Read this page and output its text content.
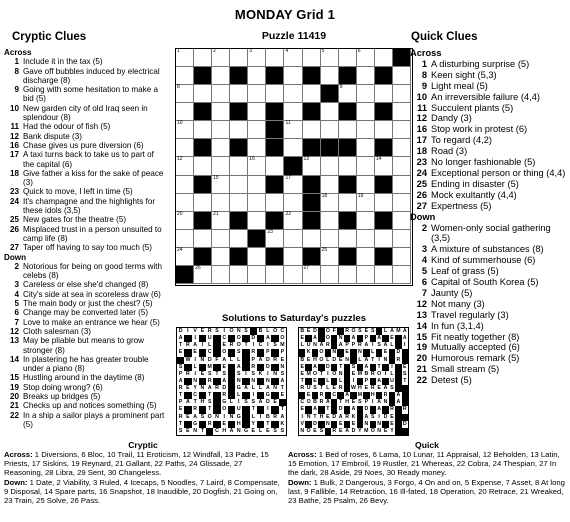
MONDAY Grid 1
Cryptic Clues
Across
1 Include it in the tax (5)
8 Gave off bubbles induced by electrical discharge (8)
9 Going with some hesitation to make a bid (5)
10 New garden city of old Iraq seen in splendour (8)
11 Had the odour of fish (5)
12 Bank dispute (3)
16 Chase gives us pure diversion (6)
17 A taxi turns back to take us to part of the capital (6)
18 Give father a kiss for the sake of peace (3)
23 Quick to move, I left in time (5)
24 It's champagne and the highlights for these idols (3,5)
25 New gates for the theatre (5)
26 Misplaced trust in a person unsuited to camp life (8)
27 Taper off having to say too much (5)
Down
2 Notorious for being on good terms with celebs (8)
3 Careless or else she'd changed (8)
4 City's side at sea in scoreless draw (6)
5 The main body or just the chest? (5)
6 Change may be converted later (5)
7 Love to make an entrance we hear (5)
12 Cloth salesman (3)
13 May be pliable but means to grow stronger (8)
14 In plastering he has greater trouble under a piano (8)
15 Hustling around in the daytime (8)
19 Stop doing wrong? (6)
20 Breaks up bridges (5)
21 Checks up and notices something (5)
22 In a ship a sailor plays a prominent part (5)
Puzzle 11419
1	2	3	4	5	6
8	9
10	11
12	16	13	14
15	17
18	19
20	21	22
23
24	25
26	27
Quick Clues
Across
1 A disturbing surprise (5)
8 Keen sight (5,3)
9 Light meal (5)
10 An irreversible failure (4,4)
11 Succulent plants (5)
12 Dandy (3)
16 Stop work in protest (6)
17 To regard (4,2)
18 Road (3)
23 No longer fashionable (5)
24 Exceptional person or thing (4,4)
25 Ending in disaster (5)
26 Mock exultantly (4,4)
27 Expertness (5)
Down
2 Women-only social gathering (3,5)
3 A mixture of substances (8)
4 Kind of summerhouse (6)
5 Leaf of grass (5)
6 Capital of South Korea (5)
7 Jaunty (5)
12 Not many (3)
13 Travel regularly (3)
14 In fun (3,1,4)
15 Fit neatly together (8)
19 Mutually accepted (6)
20 Humorous remark (5)
21 Small stream (5)
22 Detest (5)
Solutions to Saturday's puzzles
D I V E R S I O N S	B L O C
A	I	U	C	O	D	A	O
T R A I L	E R O T I C I S M
E	E	C	O	S	R	P	P
W I N D F A L L	P A D R E
S	L	M	E	A	R	D	N
P R I E S T S	S I S K I N S
A	N	R	A	N	N	N	A
R E Y N A R D	G A L L A N T
T	C	T	R	L	I	G	E
P A T H S	G L I S S A D E
E	R	T	O	U	T	I	T
R E A S O N I N G	L I B R A
T	G	R	E	H	Y	T	K
S E N T	C H A N G E L E S S
B E D O F	R O S E S	L A M A
E A O N A P A E A
L U N A R A P P R A I S A L	I
K O N E N	L	E D
B E H O L D E N	L A T I N R
E A D	T	S A	T	I	E
E M O T I O N E M B R O I L	S
T	E	L	L	I	P A U	T
R U S T L E R W H E R E A S
E R C A M H R A
C O B R A	T H E S P I A N A
E A	T	D A D A R R
I N T H E D A R K A S I D E
V D N E E N N E D
N O E S R E A D Y M O N E Y
Cryptic
Across: 1 Diversions, 6 Bloc, 10 Trail, 11 Eroticism, 12 Windfall, 13 Padre, 15 Priests, 17 Siskins, 19 Reynard, 21 Gallant, 22 Paths, 24 Glissade, 27 Reasoning, 28 Libra, 29 Sent, 30 Changeless.
Down: 1 Date, 2 Viability, 3 Ruled, 4 Icecaps, 5 Noodles, 7 Laird, 8 Compensate, 9 Disposal, 14 Spare parts, 16 Snapshot, 18 Inaudible, 20 Dogfish, 21 Going on, 23 Train, 25 Solve, 26 Pass.
Quick
Across: 1 Bed of roses, 6 Lama, 10 Lunar, 11 Appraisal, 12 Beholden, 13 Latin, 15 Emotion, 17 Embroil, 19 Rustler, 21 Whereas, 22 Cobra, 24 Thespian, 27 In the dark, 28 Aside, 29 Noes, 30 Ready money.
Down: 1 Bulk, 2 Dangerous, 3 Forgo, 4 On and on, 5 Expense, 7 Asset, 8 At long last, 9 Fallible, 14 Retraction, 16 Ill-fated, 18 Operation, 20 Retrace, 21 Wreaked, 23 Bathe, 25 Psalm, 26 Bevy.
